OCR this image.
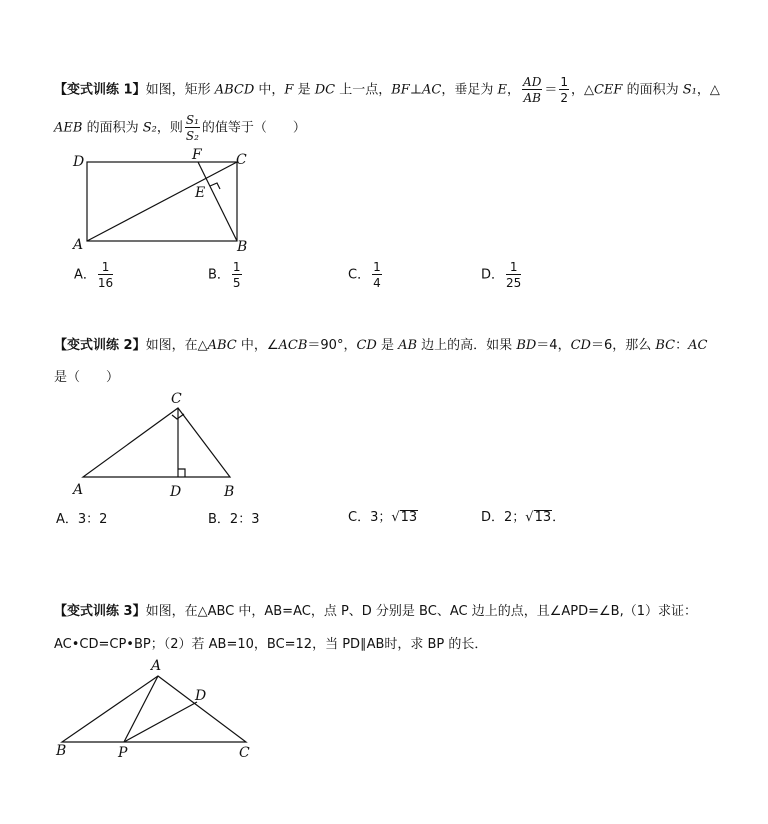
【变式训练 1】如图，矩形 ABCD 中，F 是 DC 上一点，BF⊥AC，垂足为 E， $\frac{AD}{AB} = \frac{1}{2}$ ，△CEF 的面积为 S₁，△
AEB 的面积为 S₂，则 $\frac{\text{S₁}}{\text{S₂}}$ 的值等于（　　）
D	F C
E
A	B
A． $\frac{1}{16}$	B． $\frac{1}{5}$	C． $\frac{1}{4}$	D． $\frac{1}{25}$
【变式训练 2】如图，在△ABC 中，∠ACB＝90°，CD 是 AB 边上的高．如果 BD＝4，CD＝6，那么 BC：AC
是（　　）
C
A	D	B
A．3：2	B．2：3	C．3；√13	D．2；√13．
【变式训练 3】如图，在△ABC 中，AB=AC，点 P、D 分别是 BC、AC 边上的点，且∠APD=∠B,（1）求证：
AC•CD=CP•BP；（2）若 AB=10，BC=12，当 PD∥AB时，求 BP 的长．
A
D
B	P	C
